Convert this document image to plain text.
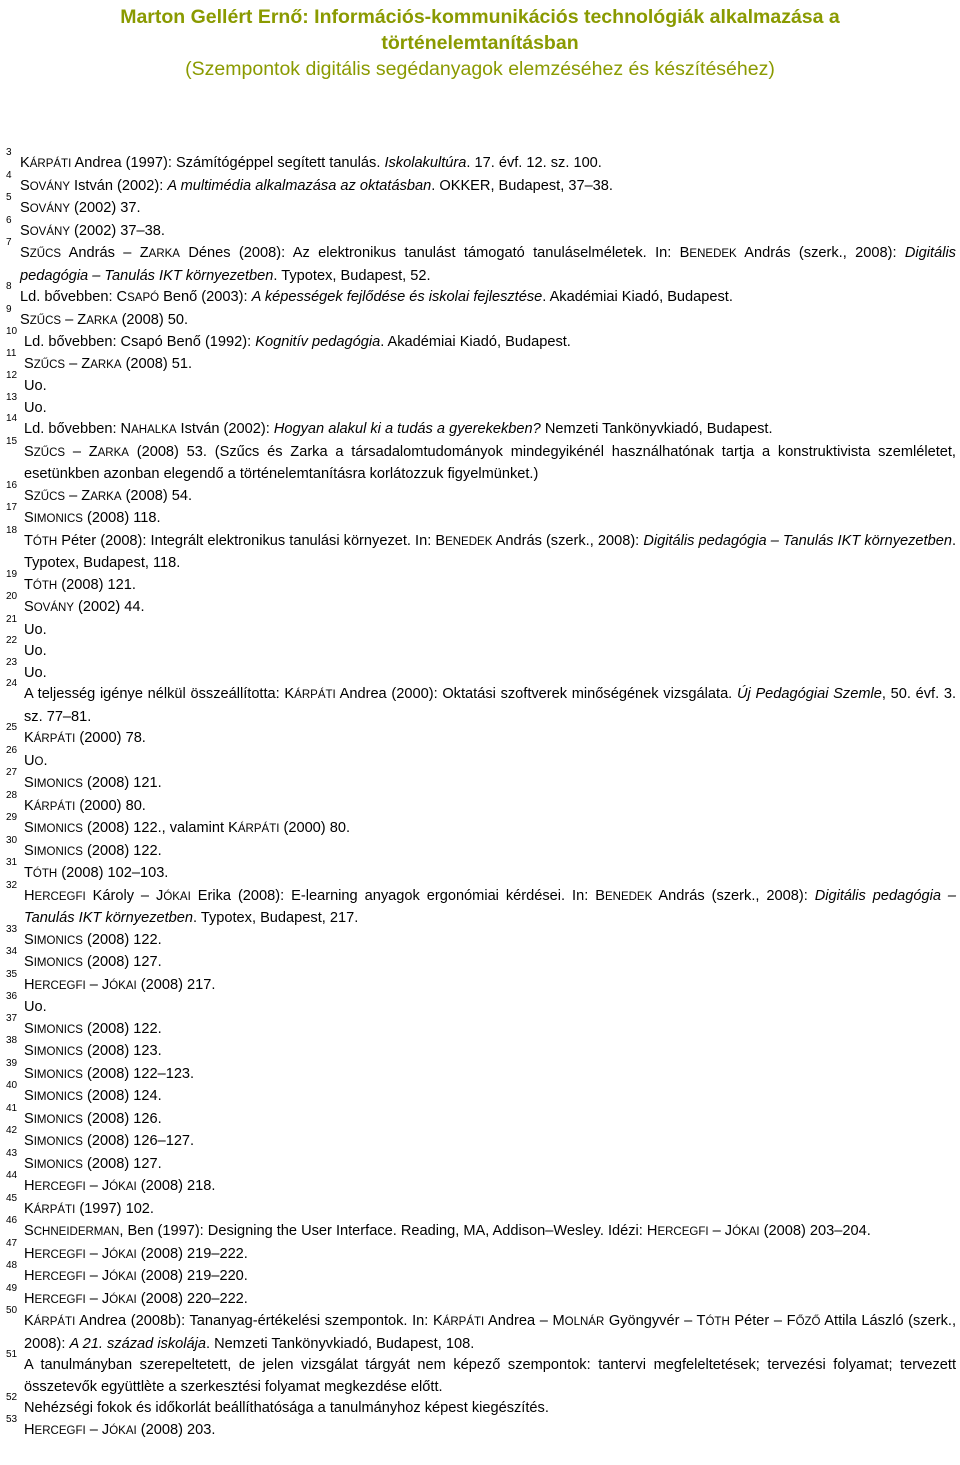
Marton Gellért Ernő: Információs-kommunikációs technológiák alkalmazása a
történelemtanításban
(Szempontok digitális segédanyagok elemzéséhez és készítéséhez)
3
KÁRPÁTI Andrea (1997): Számítógéppel segített tanulás. Iskolakultúra. 17. évf. 12. sz. 100.
4
SOVÁNY István (2002): A multimédia alkalmazása az oktatásban. OKKER, Budapest, 37–38.
5
SOVÁNY (2002) 37.
6
SOVÁNY (2002) 37–38.
7
SZŰCS András – ZARKA Dénes (2008): Az elektronikus tanulást támogató tanuláselméletek. In: BENEDEK András (szerk., 2008): Digitális pedagógia – Tanulás IKT környezetben. Typotex, Budapest, 52.
8
Ld. bővebben: CSAPÓ Benő (2003): A képességek fejlődése és iskolai fejlesztése. Akadémiai Kiadó, Budapest.
9
SZŰCS – ZARKA (2008) 50.
10
Ld. bővebben: Csapó Benő (1992): Kognitív pedagógia. Akadémiai Kiadó, Budapest.
11
SZŰCS – ZARKA (2008) 51.
12
Uo.
13
Uo.
14
Ld. bővebben: NAHALKA István (2002): Hogyan alakul ki a tudás a gyerekekben? Nemzeti Tankönyvkiadó, Budapest.
15
SZŰCS – ZARKA (2008) 53. (Szűcs és Zarka a társadalomtudományok mindegyikénél használhatónak tartja a konstruktivista szemléletet, esetünkben azonban elegendő a történelemtanításra korlátozzuk figyelmünket.)
16
SZŰCS – ZARKA (2008) 54.
17
SIMONICS (2008) 118.
18
TÓTH Péter (2008): Integrált elektronikus tanulási környezet. In: BENEDEK András (szerk., 2008): Digitális pedagógia – Tanulás IKT környezetben. Typotex, Budapest, 118.
19
TÓTH (2008) 121.
20
SOVÁNY (2002) 44.
21
Uo.
22
Uo.
23
Uo.
24
A teljesség igénye nélkül összeállította: KÁRPÁTI Andrea (2000): Oktatási szoftverek minőségének vizsgálata. Új Pedagógiai Szemle, 50. évf. 3. sz. 77–81.
25
KÁRPÁTI (2000) 78.
26
UO.
27
SIMONICS (2008) 121.
28
KÁRPÁTI (2000) 80.
29
SIMONICS (2008) 122., valamint KÁRPÁTI (2000) 80.
30
SIMONICS (2008) 122.
31
TÓTH (2008) 102–103.
32
HERCEGFI Károly – JÓKAI Erika (2008): E-learning anyagok ergonómiai kérdései. In: BENEDEK András (szerk., 2008): Digitális pedagógia – Tanulás IKT környezetben. Typotex, Budapest, 217.
33
SIMONICS (2008) 122.
34
SIMONICS (2008) 127.
35
HERCEGFI – JÓKAI (2008) 217.
36
Uo.
37
SIMONICS (2008) 122.
38
SIMONICS (2008) 123.
39
SIMONICS (2008) 122–123.
40
SIMONICS (2008) 124.
41
SIMONICS (2008) 126.
42
SIMONICS (2008) 126–127.
43
SIMONICS (2008) 127.
44
HERCEGFI – JÓKAI (2008) 218.
45
KÁRPÁTI (1997) 102.
46
SCHNEIDERMAN, Ben (1997): Designing the User Interface. Reading, MA, Addison–Wesley. Idézi: HERCEGFI – JÓKAI (2008) 203–204.
47
HERCEGFI – JÓKAI (2008) 219–222.
48
HERCEGFI – JÓKAI (2008) 219–220.
49
HERCEGFI – JÓKAI (2008) 220–222.
50
KÁRPÁTI Andrea (2008b): Tananyag-értékelési szempontok. In: KÁRPÁTI Andrea – MOLNÁR Gyöngyvér – TÓTH Péter – FŐZŐ Attila László (szerk., 2008): A 21. század iskolája. Nemzeti Tankönyvkiadó, Budapest, 108.
51
A tanulmányban szerepeltetett, de jelen vizsgálat tárgyát nem képező szempontok: tantervi megfeleltetések; tervezési folyamat; tervezett összetevők együttlète a szerkesztési folyamat megkezdése előtt.
52
Nehézségi fokok és időkorlát beállíthatósága a tanulmányhoz képest kiegészítés.
53
HERCEGFI – JÓKAI (2008) 203.
